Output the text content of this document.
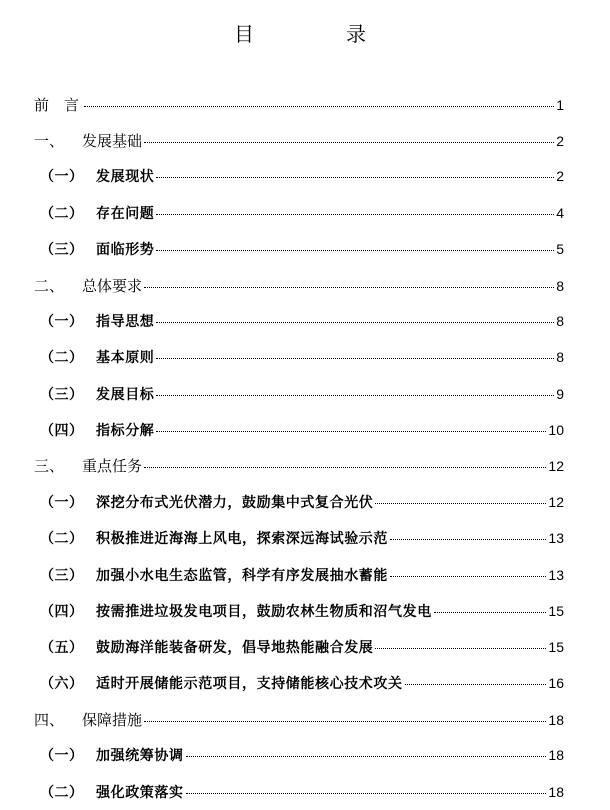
目　录
前　言	1
一、	发展基础	2
（一） 发展现状	2
（二） 存在问题	4
（三） 面临形势	5
二、	总体要求	8
（一） 指导思想	8
（二） 基本原则	8
（三） 发展目标	9
（四） 指标分解	10
三、	重点任务	12
（一） 深挖分布式光伏潜力，鼓励集中式复合光伏	12
（二） 积极推进近海海上风电，探索深远海试验示范	13
（三） 加强小水电生态监管，科学有序发展抽水蓄能	13
（四） 按需推进垃圾发电项目，鼓励农林生物质和沼气发电	15
（五） 鼓励海洋能装备研发，倡导地热能融合发展	15
（六） 适时开展储能示范项目，支持储能核心技术攻关	16
四、	保障措施	18
（一） 加强统筹协调	18
（二） 强化政策落实	18
